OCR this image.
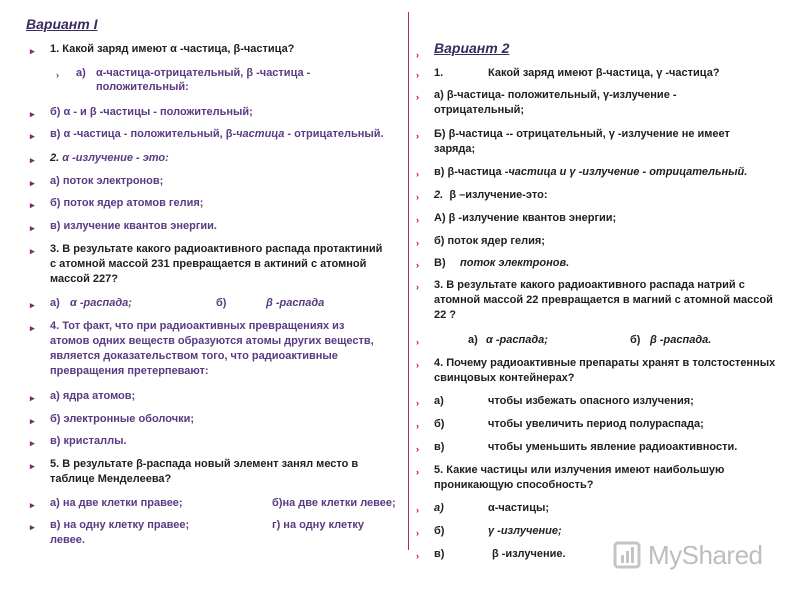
Вариант I
▸ 1. Какой заряд имеют α -частица, β-частица?
› а) α-частица-отрицательный, β -частица -
положительный:
▸ б) α - и β -частицы - положительный;
▸ в) α -частица - положительный, β-частица - отрицательный.
▸ 2. α -излучение - это:
▸ а) поток электронов;
▸ б) поток ядер атомов гелия;
▸ в) излучение квантов энергии.
▸ 3. В результате какого радиоактивного распада протактиний
с атомной массой 231 превращается в актиний с атомной
массой 227?
▸ а) α -распада;	б)	β -распада
▸ 4. Тот факт, что при радиоактивных превращениях из
атомов одних веществ образуются атомы других веществ,
является доказательством того, что радиоактивные
превращения претерпевают:
▸ а) ядра атомов;
▸ б) электронные оболочки;
▸ в) кристаллы.
▸ 5. В результате β-распада новый элемент занял место в
таблице Менделеева?
▸ а) на две клетки правее;	б)на две клетки левее;
▸ в) на одну клетку правее;	г) на одну клетку
левее.
Вариант 2
›
› 1.	Какой заряд имеют β-частица, γ -частица?
› а) β-частица- положительный, γ-излучение -
отрицательный;
› Б) β-частица -- отрицательный, γ -излучение не имеет
заряда;
› в) β-частица -частица и γ -излучение - отрицательный.
› 2. β –излучение-это:
› А) β -излучение квантов энергии;
› б) поток ядер гелия;
› В) поток электронов.
› 3. В результате какого радиоактивного распада натрий с
атомной массой 22 превращается в магний с атомной массой
22 ?
›	а) α -распада;	б) β -распада.
› 4. Почему радиоактивные препараты хранят в толстостенных
свинцовых контейнерах?
› а)	чтобы избежать опасного излучения;
› б)	чтобы увеличить период полураспада;
› в)	чтобы уменьшить явление радиоактивности.
› 5. Какие частицы или излучения имеют наибольшую
проникающую способность?
› а)	α-частицы;
› б)	γ -излучение;
› в)	β -излучение.	MyShared
